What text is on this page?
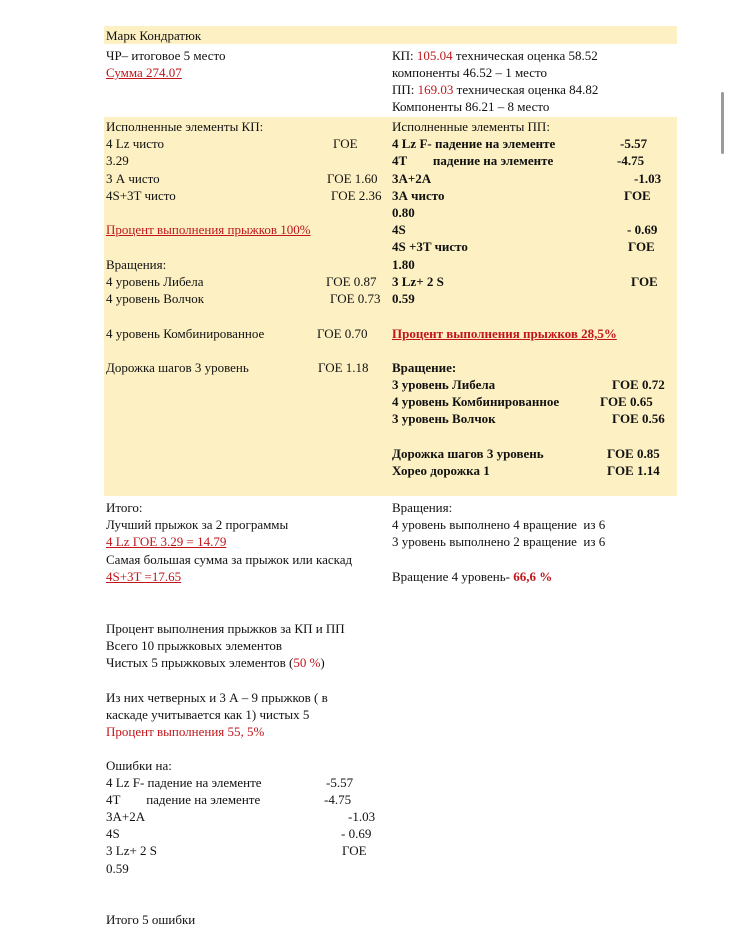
Марк Кондратюк
ЧР– итоговое 5 место
Сумма 274.07
КП: 105.04 техническая оценка 58.52
компоненты 46.52 – 1 место
ПП: 169.03 техническая оценка 84.82
Компоненты 86.21 – 8 место
Исполненные элементы КП:
4 Lz чисто	ГОЕ
3.29
3 А чисто	ГОЕ 1.60
4S+3T чисто	ГОЕ 2.36
Процент выполнения прыжков 100%
Вращения:
4 уровень Либела	ГОЕ 0.87
4 уровень Волчок	ГОЕ 0.73
4 уровень Комбинированное	ГОЕ 0.70
Дорожка шагов 3 уровень	ГОЕ 1.18
Исполненные элементы ПП:
4 Lz F- падение на элементе	-5.57
4T        падение на элементе	-4.75
3А+2А	-1.03
3А чисто	ГОЕ
0.80
4S	- 0.69
4S +3T чисто	ГОЕ
1.80
3 Lz+ 2 S	ГОЕ
0.59
Процент выполнения прыжков 28,5%
Вращение:
3 уровень Либела	ГОЕ 0.72
4 уровень Комбинированное	ГОЕ 0.65
3 уровень Волчок	ГОЕ 0.56
Дорожка шагов 3 уровень	ГОЕ 0.85
Хорео дорожка 1	ГОЕ 1.14
Итого:
Лучший прыжок за 2 программы
4 Lz ГОЕ 3.29 = 14.79
Самая большая сумма за прыжок или каскад
4S+3T =17.65
Вращения:
4 уровень выполнено 4 вращение  из 6
3 уровень выполнено 2 вращение  из 6
Вращение 4 уровень- 66,6 %
Процент выполнения прыжков за КП и ПП
Всего 10 прыжковых элементов
Чистых 5 прыжковых элементов (50 %)
Из них четверных и 3 А – 9 прыжков ( в
каскаде учитывается как 1) чистых 5
Процент выполнения 55, 5%
Ошибки на:
4 Lz F- падение на элементе	-5.57
4T        падение на элементе	-4.75
3А+2А	-1.03
4S	- 0.69
3 Lz+ 2 S	ГОЕ
0.59
Итого 5 ошибки
